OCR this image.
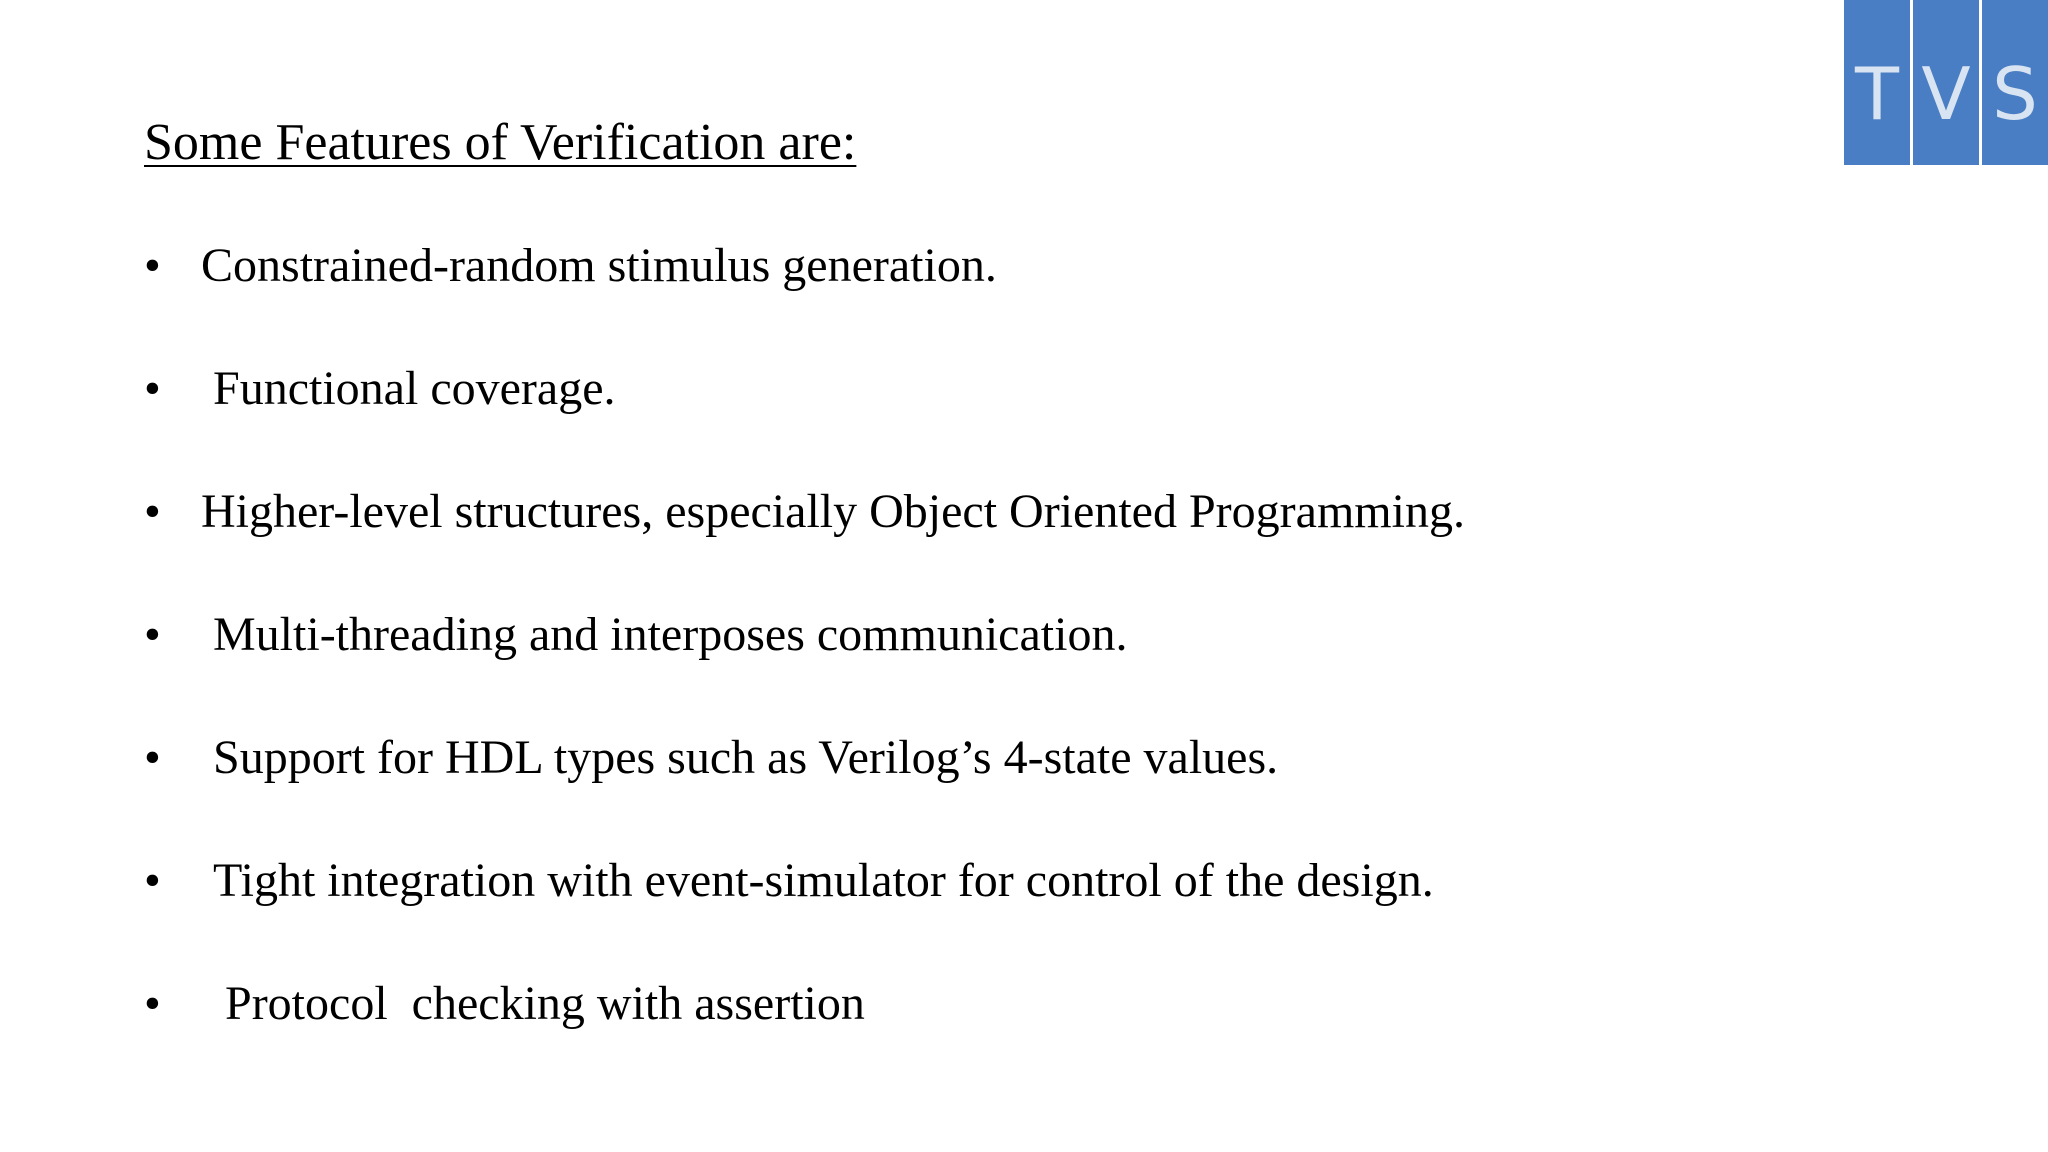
T V S
Some Features of Verification are:
• Constrained-random stimulus generation.
•	Functional coverage.
• Higher-level structures, especially Object Oriented Programming.
•	Multi-threading and interposes communication.
•	Support for HDL types such as Verilog’s 4-state values.
•	Tight integration with event-simulator for control of the design.
•	Protocol  checking with assertion
